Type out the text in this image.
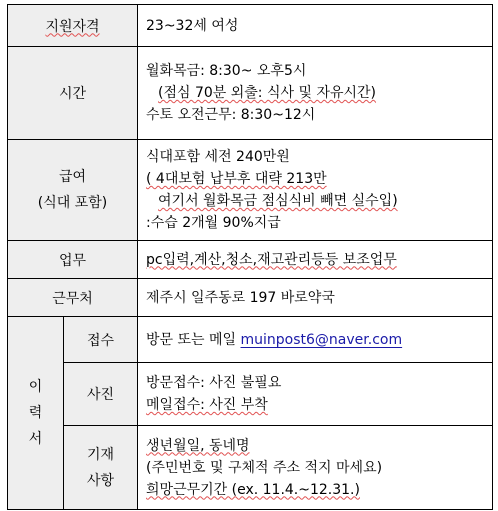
지원자격		23~32세 여성
시간		월화목금: 8:30~ 오후5시
(점심 70분 외출: 식사 및 자유시간)
수토 오전근무: 8:30~12시

급여
(식대 포함)		식대포함 세전 240만원
( 4대보험 납부후 대략 213만
여기서 월화목금 점심식비 빼면 실수입)
:수습 2개월 90%지급

업무		pc입력,계산,청소,재고관리등등 보조업무
근무처		제주시 일주동로 197 바로약국

이
력
서	접수	방문 또는 메일 muinpost6@naver.com
	사진	방문접수: 사진 불필요
메일접수: 사진 부착

	기재
사항	생년월일, 동네명
(주민번호 및 구체적 주소 적지 마세요)
희망근무기간 (ex. 11.4.~12.31.)
